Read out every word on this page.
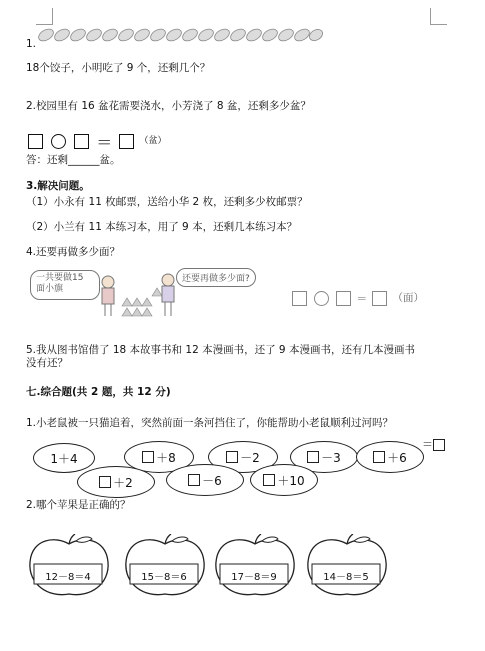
1.
18个饺子，小明吃了 9 个，还剩几个？
2.校园里有 16 盆花需要浇水，小芳浇了 8 盆，还剩多少盆？
＝	（盆）
答：还剩______盆。
3.解决问题。
（1）小永有 11 枚邮票，送给小华 2 枚，还剩多少枚邮票？
（2）小兰有 11 本练习本，用了 9 本，还剩几本练习本？
4.还要再做多少面？
一共要做15
面小旗
还要再做多少面?
＝ （面）
5.我从图书馆借了 18 本故事书和 12 本漫画书，还了 9 本漫画书，还有几本漫画书
没有还？
七.综合题(共 2 题，共 12 分)
1.小老鼠被一只猫追着，突然前面一条河挡住了，你能帮助小老鼠顺利过河吗？
1＋4	＋8	－2	－3	＋6
＝
＋2	－6	＋10
2.哪个苹果是正确的？
12－8＝4	15－8＝6	17－8＝9	14－8＝5
